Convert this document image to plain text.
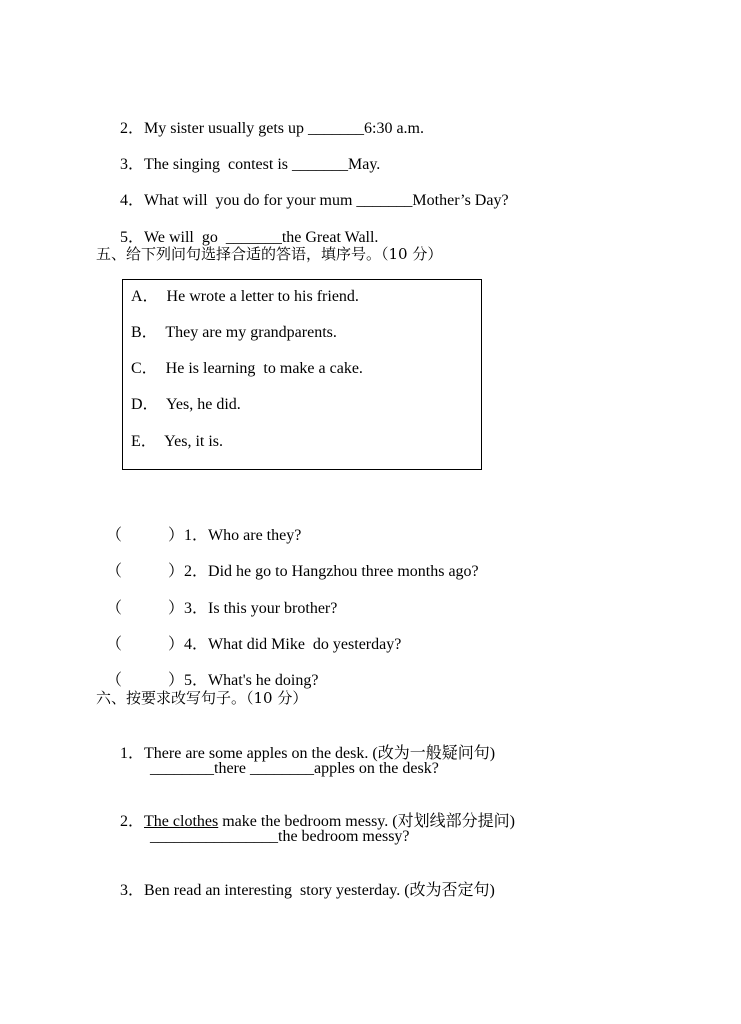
2．My sister usually gets up _______6:30 a.m.

3．The singing  contest is _______May.

4．What will  you do for your mum _______Mother’s Day?

5．We will  go  _______the Great Wall.

五、给下列问句选择合适的答语，填序号。（10 分）
A．  He wrote a letter to his friend.
B．  They are my grandparents.
C．  He is learning  to make a cake.
D．  Yes, he did.
E．  Yes, it is.

（	）1．Who are they?

（	）2．Did he go to Hangzhou three months ago?

（	）3．Is this your brother?

（	）4．What did Mike  do yesterday?

（	）5．What's he doing?

六、按要求改写句子。（10 分）

1．There are some apples on the desk. (改为一般疑问句)

________there ________apples on the desk?

2．The clothes make the bedroom messy. (对划线部分提问)

________________the bedroom messy?

3．Ben read an interesting  story yesterday. (改为否定句)
